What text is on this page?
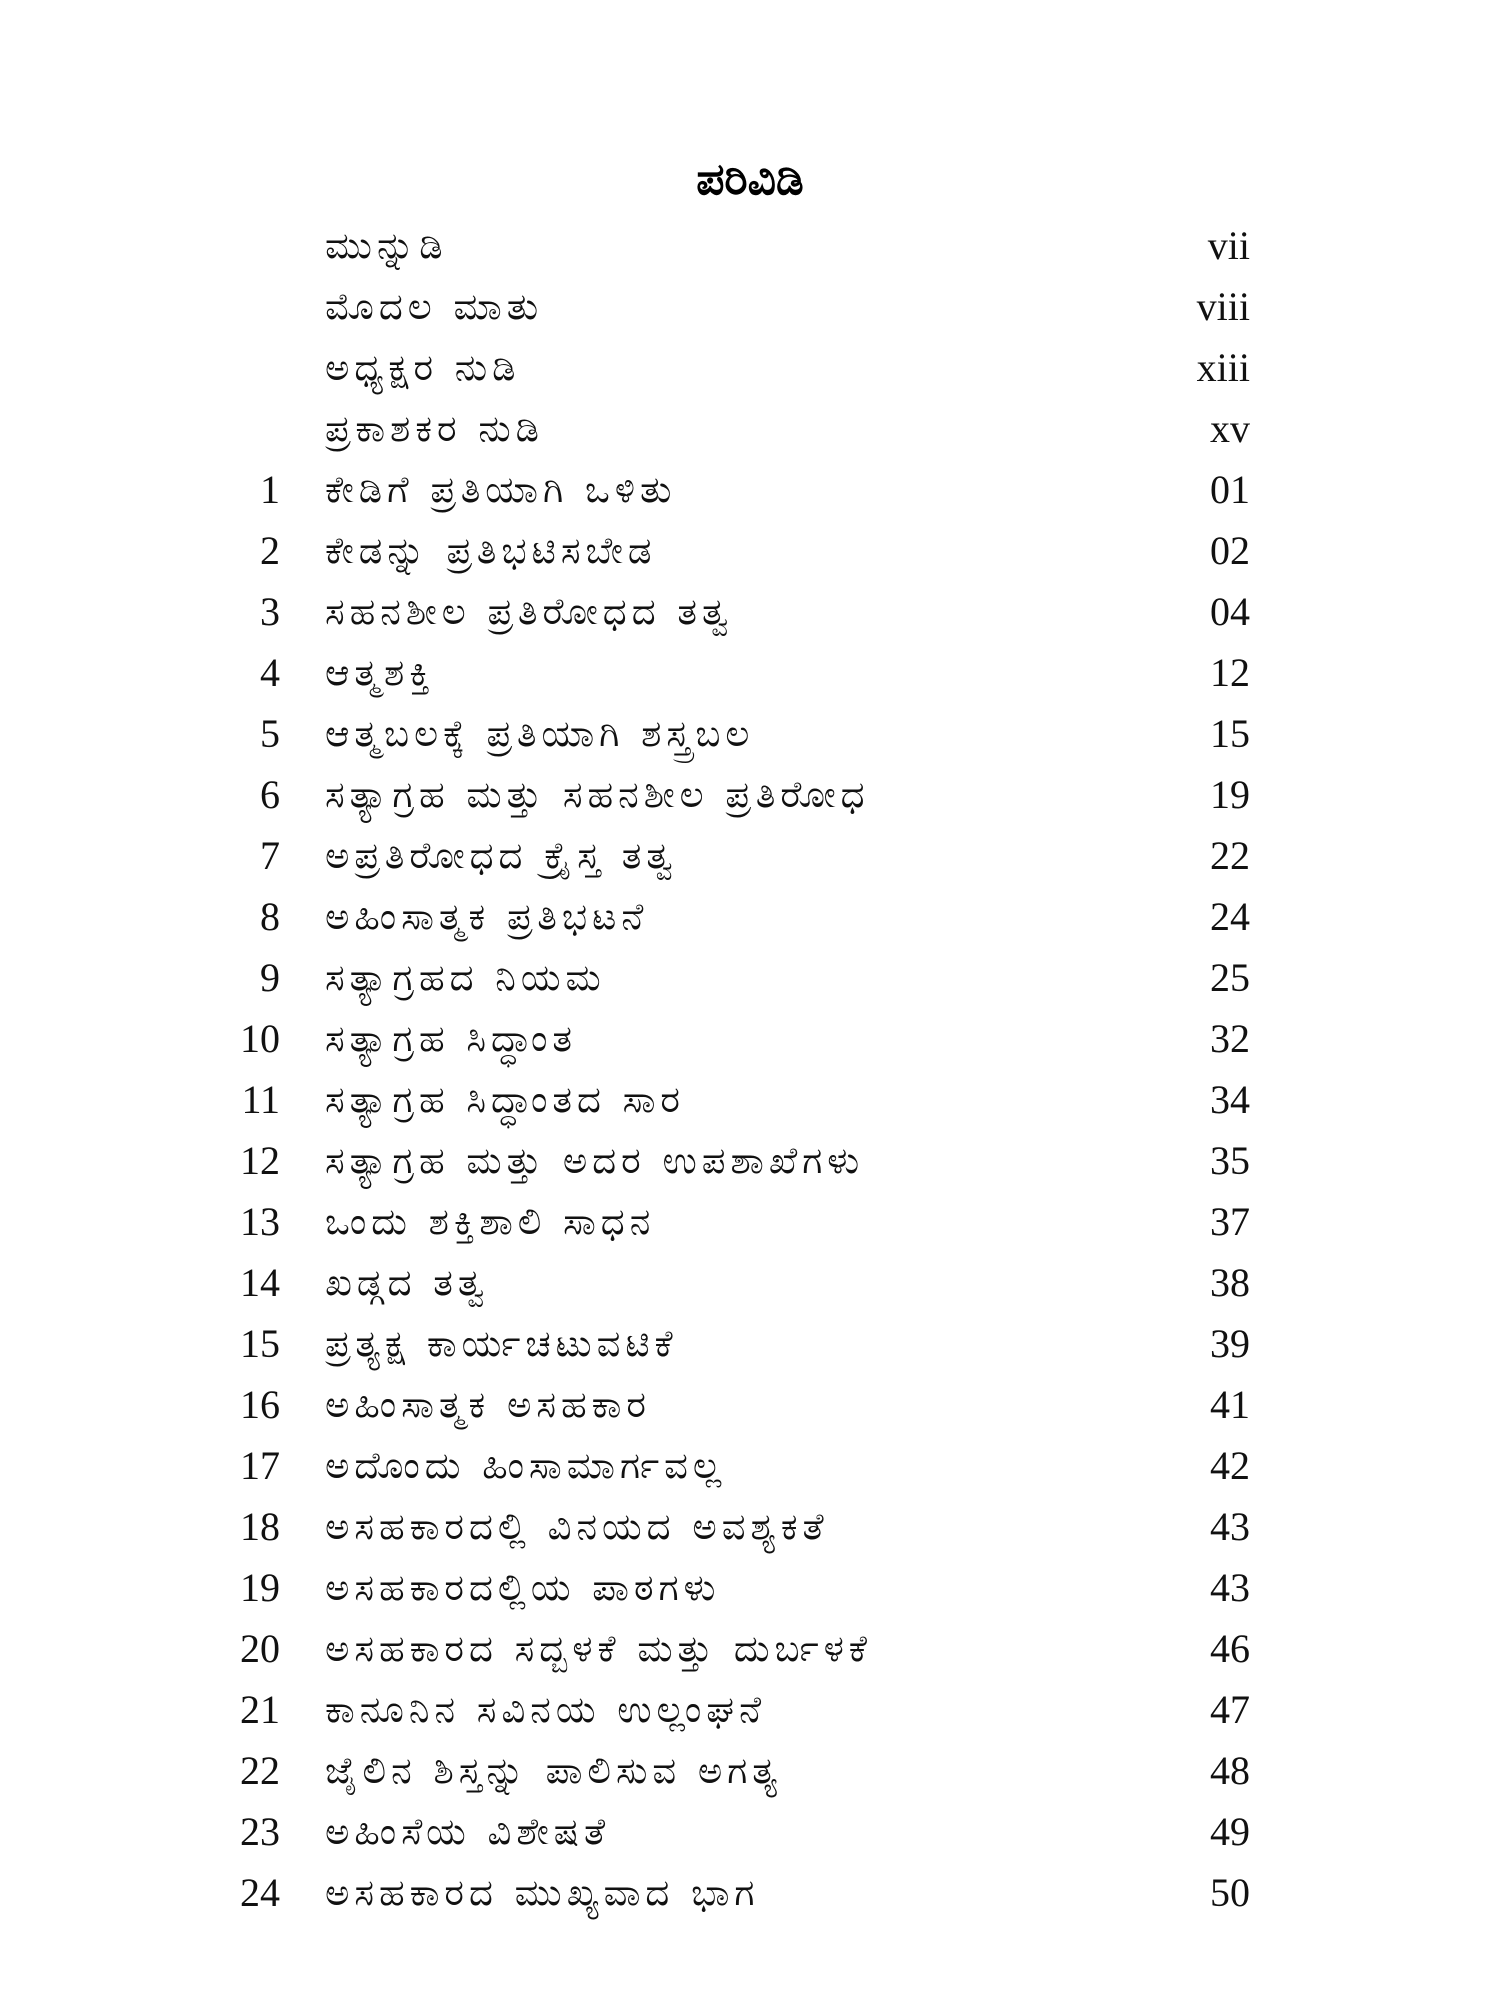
ಪರಿವಿಡಿ
ಮುನ್ನುಡಿ	vii
ಮೊದಲ ಮಾತು	viii
ಅಧ್ಯಕ್ಷರ ನುಡಿ	xiii
ಪ್ರಕಾಶಕರ ನುಡಿ	xv
1 ಕೇಡಿಗೆ ಪ್ರತಿಯಾಗಿ ಒಳಿತು	01
2 ಕೇಡನ್ನು ಪ್ರತಿಭಟಿಸಬೇಡ	02
3 ಸಹನಶೀಲ ಪ್ರತಿರೋಧದ ತತ್ವ	04
4 ಆತ್ಮಶಕ್ತಿ	12
5 ಆತ್ಮಬಲಕ್ಕೆ ಪ್ರತಿಯಾಗಿ ಶಸ್ತ್ರಬಲ	15
6 ಸತ್ಯಾಗ್ರಹ ಮತ್ತು ಸಹನಶೀಲ ಪ್ರತಿರೋಧ	19
7 ಅಪ್ರತಿರೋಧದ ಕ್ರೈಸ್ತ ತತ್ವ	22
8 ಅಹಿಂಸಾತ್ಮಕ ಪ್ರತಿಭಟನೆ	24
9 ಸತ್ಯಾಗ್ರಹದ ನಿಯಮ	25
10 ಸತ್ಯಾಗ್ರಹ ಸಿದ್ಧಾಂತ	32
11 ಸತ್ಯಾಗ್ರಹ ಸಿದ್ಧಾಂತದ ಸಾರ	34
12 ಸತ್ಯಾಗ್ರಹ ಮತ್ತು ಅದರ ಉಪಶಾಖೆಗಳು	35
13 ಒಂದು ಶಕ್ತಿಶಾಲಿ ಸಾಧನ	37
14 ಖಡ್ಗದ ತತ್ವ	38
15 ಪ್ರತ್ಯಕ್ಷ ಕಾರ್ಯಚಟುವಟಿಕೆ	39
16 ಅಹಿಂಸಾತ್ಮಕ ಅಸಹಕಾರ	41
17 ಅದೊಂದು ಹಿಂಸಾಮಾರ್ಗವಲ್ಲ	42
18 ಅಸಹಕಾರದಲ್ಲಿ ವಿನಯದ ಅವಶ್ಯಕತೆ	43
19 ಅಸಹಕಾರದಲ್ಲಿಯ ಪಾಠಗಳು	43
20 ಅಸಹಕಾರದ ಸದ್ಬಳಕೆ ಮತ್ತು ದುರ್ಬಳಕೆ	46
21 ಕಾನೂನಿನ ಸವಿನಯ ಉಲ್ಲಂಘನೆ	47
22 ಜೈಲಿನ ಶಿಸ್ತನ್ನು ಪಾಲಿಸುವ ಅಗತ್ಯ	48
23 ಅಹಿಂಸೆಯ ವಿಶೇಷತೆ	49
24 ಅಸಹಕಾರದ ಮುಖ್ಯವಾದ ಭಾಗ	50
